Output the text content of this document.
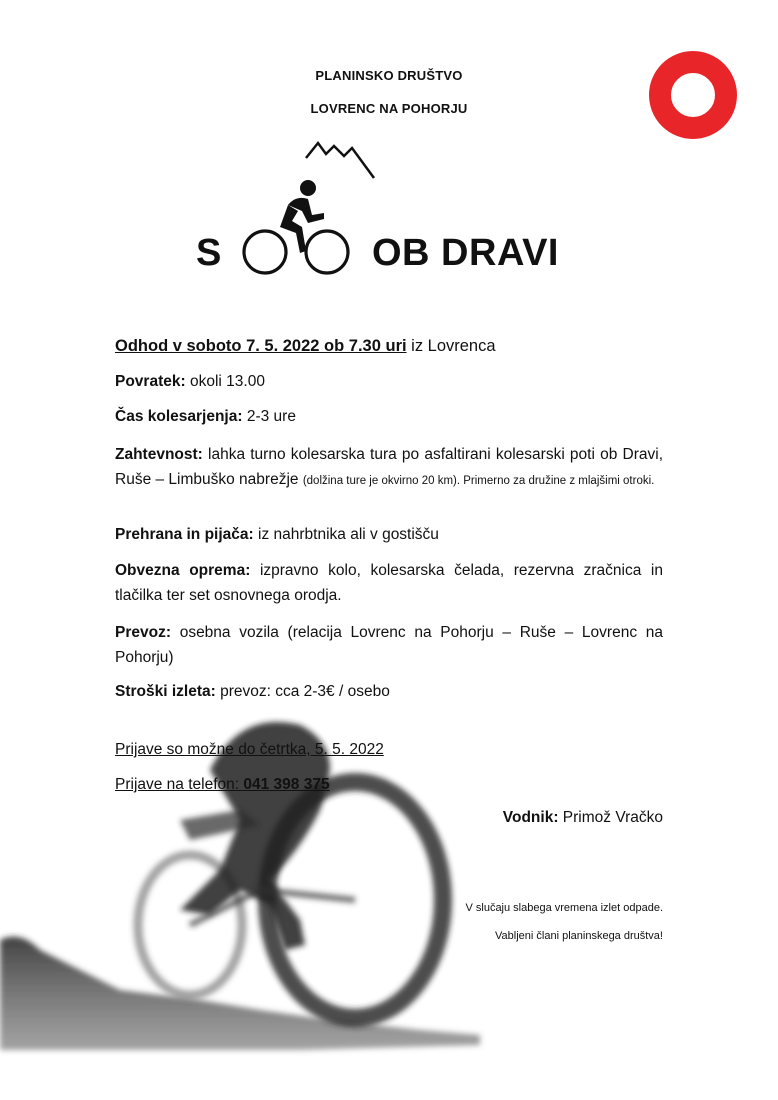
PLANINSKO DRUŠTVO
LOVRENC NA POHORJU
S	OB DRAVI
Odhod v soboto 7. 5. 2022 ob 7.30 uri iz Lovrenca
Povratek: okoli 13.00
Čas kolesarjenja: 2-3 ure
Zahtevnost: lahka turno kolesarska tura po asfaltirani kolesarski poti ob Dravi, Ruše – Limbuško nabrežje (dolžina ture je okvirno 20 km). Primerno za družine z mlajšimi otroki.
Prehrana in pijača: iz nahrbtnika ali v gostišču
Obvezna oprema: izpravno kolo, kolesarska čelada, rezervna zračnica in tlačilka ter set osnovnega orodja.
Prevoz: osebna vozila (relacija Lovrenc na Pohorju – Ruše – Lovrenc na Pohorju)
Stroški izleta: prevoz: cca 2-3€ / osebo
Prijave so možne do četrtka, 5. 5. 2022
Prijave na telefon: 041 398 375
Vodnik: Primož Vračko
V slučaju slabega vremena izlet odpade.
Vabljeni člani planinskega društva!
